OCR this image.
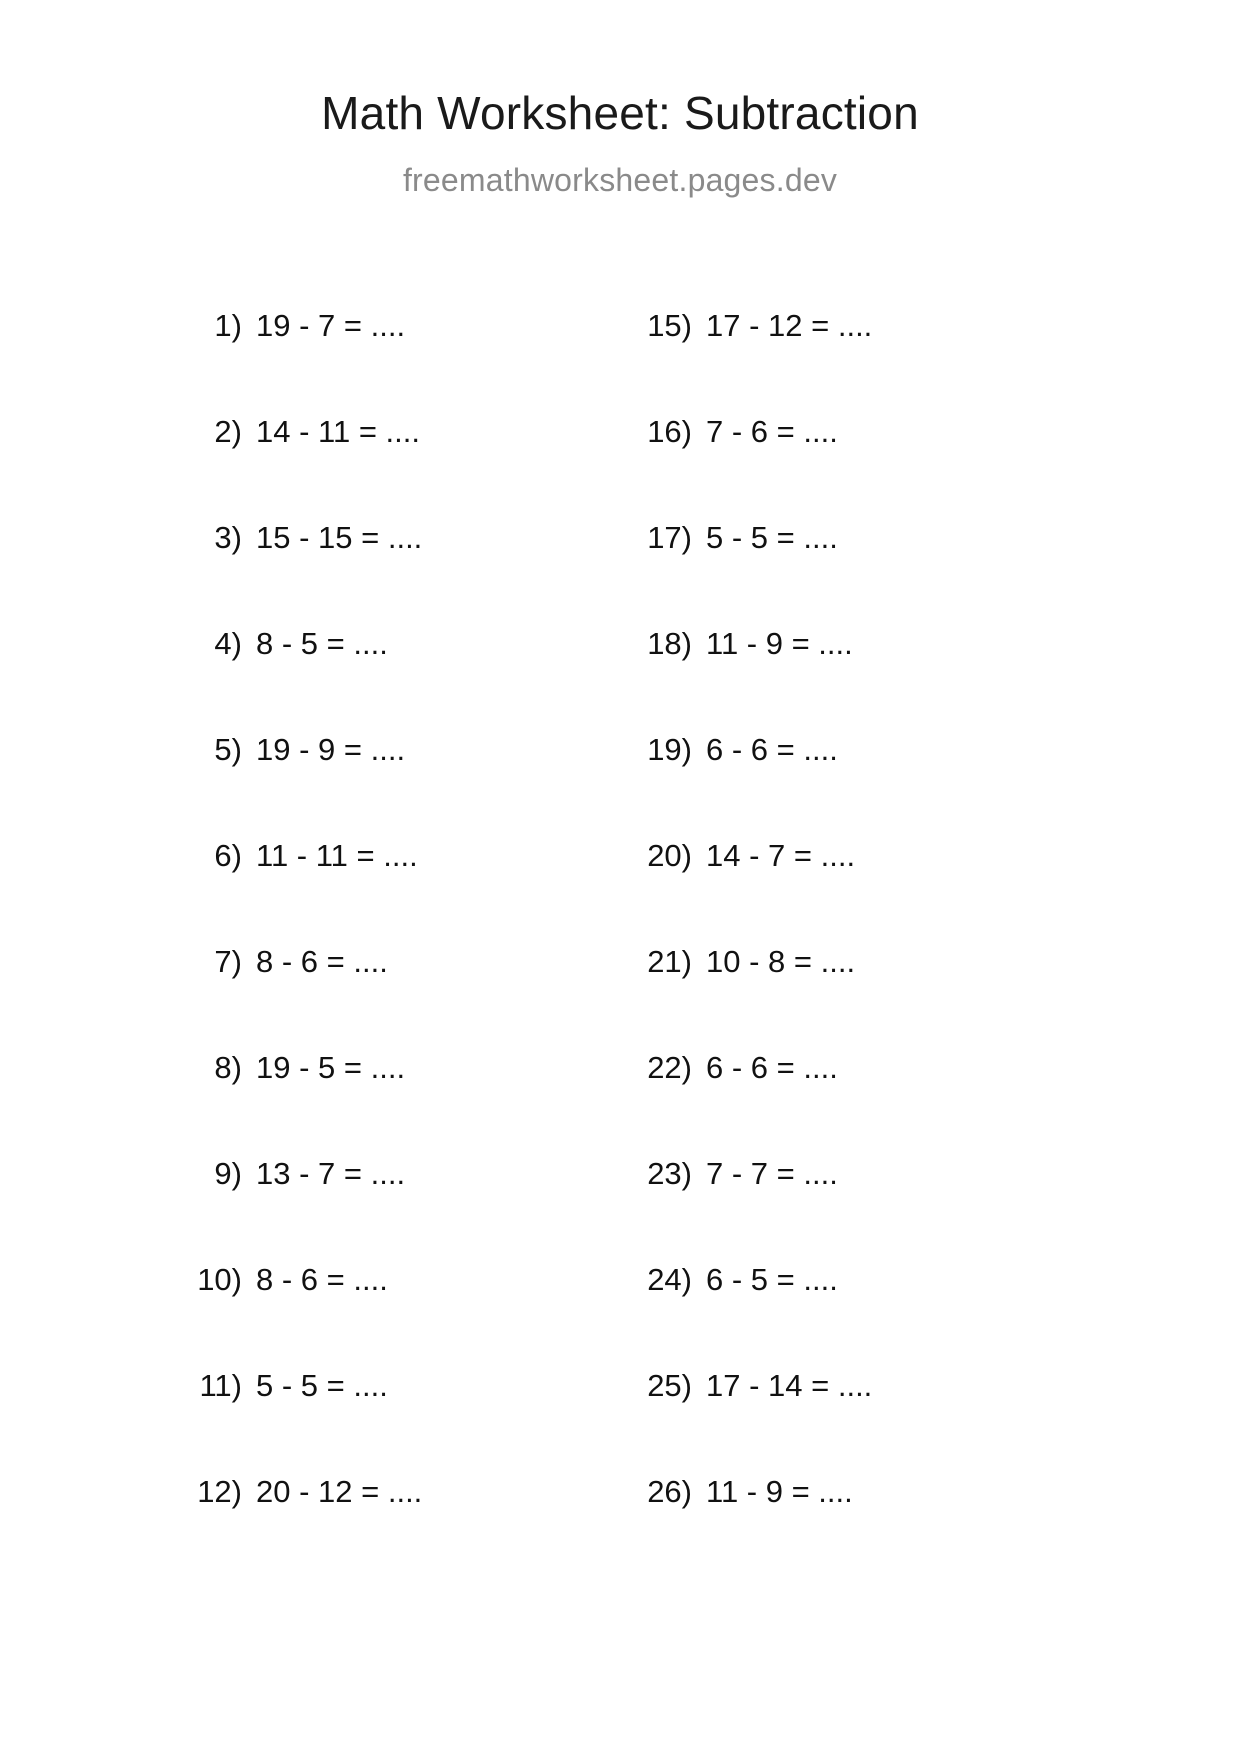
Math Worksheet: Subtraction
freemathworksheet.pages.dev
1) 19 - 7 = ....	15) 17 - 12 = ....
2) 14 - 11 = ....	16) 7 - 6 = ....
3) 15 - 15 = ....	17) 5 - 5 = ....
4) 8 - 5 = ....	18) 11 - 9 = ....
5) 19 - 9 = ....	19) 6 - 6 = ....
6) 11 - 11 = ....	20) 14 - 7 = ....
7) 8 - 6 = ....	21) 10 - 8 = ....
8) 19 - 5 = ....	22) 6 - 6 = ....
9) 13 - 7 = ....	23) 7 - 7 = ....
10) 8 - 6 = ....	24) 6 - 5 = ....
11) 5 - 5 = ....	25) 17 - 14 = ....
12) 20 - 12 = ....	26) 11 - 9 = ....
